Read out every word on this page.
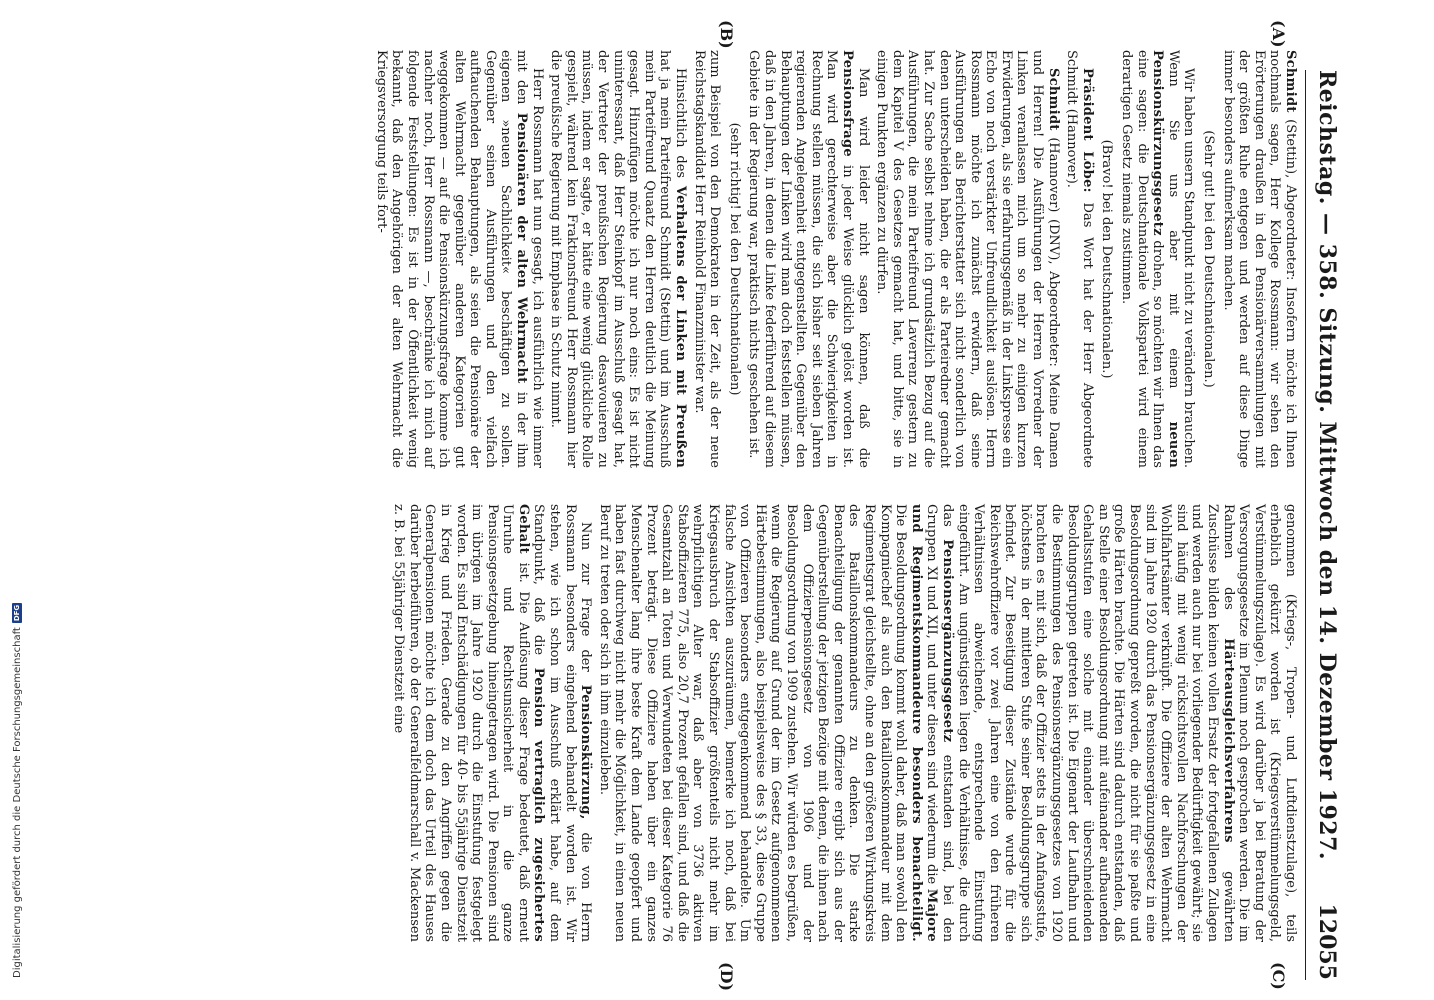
Reichstag. — 358. Sitzung. Mittwoch den 14. Dezember 1927.
12055
(A)
(B)
(C)
(D)

Schmidt (Stettin), Abgeordneter: Insofern möchte ich Ihnen nochmals sagen, Herr Kollege Rossmann: wir sehen den Erörterungen draußen in den Pensionärversammlungen mit der größten Ruhe entgegen und werden auf diese Dinge immer besonders aufmerksam machen.

(Sehr gut! bei den Deutschnationalen.)

Wir haben unsern Standpunkt nicht zu verändern brauchen. Wenn Sie uns aber mit einem neuen Pensionskürzungsgesetz drohen, so möchten wir Ihnen das eine sagen: die Deutschnationale Volkspartei wird einem derartigen Gesetz niemals zustimmen.

(Bravo! bei den Deutschnationalen.)

Präsident Löbe: Das Wort hat der Herr Abgeordnete Schmidt (Hannover).

Schmidt (Hannover) (DNV), Abgeordneter: Meine Damen und Herren! Die Ausführungen der Herren Vorredner der Linken veranlassen mich um so mehr zu einigen kurzen Erwiderungen, als sie erfahrungsgemäß in der Linkspresse ein Echo von noch verstärkter Unfreundlichkeit auslösen. Herrn Rossmann möchte ich zunächst erwidern, daß seine Ausführungen als Berichterstatter sich nicht sonderlich von denen unterscheiden haben, die er als Parteiredner gemacht hat. Zur Sache selbst nehme ich grundsätzlich Bezug auf die Ausführungen, die mein Parteifreund Laverrenz gestern zu dem Kapitel V des Gesetzes gemacht hat, und bitte, sie in einigen Punkten ergänzen zu dürfen.

Man wird leider nicht sagen können, daß die Pensionsfrage in jeder Weise glücklich gelöst worden ist. Man wird gerechterweise aber die Schwierigkeiten in Rechnung stellen müssen, die sich bisher seit sieben Jahren regierenden Angelegenheit entgegenstellten. Gegenüber den Behauptungen der Linken wird man doch feststellen müssen, daß in den Jahren, in denen die Linke federführend auf diesem Gebiete in der Regierung war, praktisch nichts geschehen ist.

(sehr richtig! bei den Deutschnationalen)

zum Beispiel von den Demokraten in der Zeit, als der neue Reichstagskandidat Herr Reinhold Finanzminister war.

Hinsichtlich des Verhaltens der Linken mit Preußen hat ja mein Parteifreund Schmidt (Stettin) und im Ausschuß mein Parteifreund Quaatz den Herren deutlich die Meinung gesagt. Hinzufügen möchte ich nur noch eins: Es ist nicht uninteressant, daß Herr Steinkopf im Ausschuß gesagt hat, der Vertreter der preußischen Regierung desavouieren zu müssen, indem er sagte, er hätte eine wenig glückliche Rolle gespielt, während kein Fraktionsfreund Herr Rossmann hier die preußische Regierung mit Emphase in Schutz nimmt.

Herr Rossmann hat nun gesagt, ich ausführlich wie immer mit den Pensionären der alten Wehrmacht in der ihm eigenen »neuen Sachlichkeit« beschäftigen zu sollen. Gegenüber seinen Ausführungen und den vielfach auftauchenden Behauptungen, als seien die Pensionäre der alten Wehrmacht gegenüber anderen Kategorien gut weggekommen — auf die Pensionskürzungsfrage komme ich nachher noch, Herr Rossmann —, beschränke ich mich auf folgende Feststellungen: Es ist in der Öffentlichkeit wenig bekannt, daß den Angehörigen der alten Wehrmacht die Kriegsversorgung teils fort-

genommen (Kriegs-, Tropen- und Luftdienstzulage), teils erheblich gekürzt worden ist (Kriegsverstümmelungsgeld, Verstümmelungszulage). Es wird darüber ja bei Beratung der Versorgungsgesetze im Plenum noch gesprochen werden. Die im Rahmen des Härteausgleichsverfahrens gewährten Zuschüsse bilden keinen vollen Ersatz der fortgefallenen Zulagen und werden auch nur bei vorliegender Bedürftigkeit gewährt; sie sind häufig mit wenig rücksichtsvollen Nachforschungen der Wohlfahrtsämter verknüpft. Die Offiziere der alten Wehrmacht sind im Jahre 1920 durch das Pensionsergänzungsgesetz in eine Besoldungsordnung gepreßt worden, die nicht für sie paßte und große Härten brachte. Die Härten sind dadurch entstanden, daß an Stelle einer Besoldungsordnung mit aufeinander aufbauenden Gehaltsstufen eine solche mit einander überschneidenden Besoldungsgruppen getreten ist. Die Eigenart der Laufbahn und die Bestimmungen des Pensionsergänzungsgesetzes von 1920 brachten es mit sich, daß der Offizier stets in der Anfangsstufe, höchstens in der mittleren Stufe seiner Besoldungsgruppe sich befindet. Zur Beseitigung dieser Zustände wurde für die Reichswehroffiziere vor zwei Jahren eine von den früheren Verhältnissen abweichende, entsprechende Einstufung eingeführt. Am ungünstigsten liegen die Verhältnisse, die durch das Pensionsergänzungsgesetz entstanden sind, bei den Gruppen XI und XII, und unter diesen sind wiederum die Majore und Regimentskommandeure besonders benachteiligt. Die Besoldungsordnung kommt wohl daher, daß man sowohl den Kompagniechef als auch den Bataillonskommandeur mit dem Regimentsgrat gleichstellte, ohne an den größeren Wirkungskreis des Bataillonskommandeurs zu denken. Die starke Benachteiligung der genannten Offiziere ergibt sich aus der Gegenüberstellung der jetzigen Bezüge mit denen, die ihnen nach dem Offizierpensionsgesetz von 1906 und der Besoldungsordnung von 1909 zustehen. Wir würden es begrüßen, wenn die Regierung auf Grund der im Gesetz aufgenommenen Härtebestimmungen, also beispielsweise des § 33, diese Gruppe von Offizieren besonders entgegenkommend behandelte. Um falsche Ansichten auszuräumen, bemerke ich noch, daß bei Kriegsausbruch der Stabsoffizier größtenteils nicht mehr im wehrpflichtigen Alter war, daß aber von 3736 aktiven Stabsoffizieren 775, also 20,7 Prozent gefallen sind, und daß die Gesamtzahl an Toten und Verwundeten bei dieser Kategorie 76 Prozent beträgt. Diese Offiziere haben über ein ganzes Menschenalter lang ihre beste Kraft dem Lande geopfert und haben fast durchweg nicht mehr die Möglichkeit, in einen neuen Beruf zu treten oder sich in ihm einzuleben.

Nun zur Frage der Pensionskürzung, die von Herrn Rossmann besonders eingehend behandelt worden ist. Wir stehen, wie ich schon im Ausschuß erklärt habe, auf dem Standpunkt, daß die Pension vertraglich zugesichertes Gehalt ist. Die Auflösung dieser Frage bedeutet, daß erneut Unruhe und Rechtsunsicherheit in die ganze Pensionsgesetzgebung hineingetragen wird. Die Pensionen sind im übrigen im Jahre 1920 durch die Einstufung festgelegt worden. Es sind Entschädigungen für 40- bis 55jährige Dienstzeit in Krieg und Frieden. Gerade zu den Angriffen gegen die Generalpensionen möchte ich dem doch das Urteil des Hauses darüber herbeiführen, ob der Generalfeldmarschall v. Mackensen z. B. bei 55jähriger Dienstzeit eine

Digitalisierung gefördert durch die Deutsche Forschungsgemeinschaft
DFG
